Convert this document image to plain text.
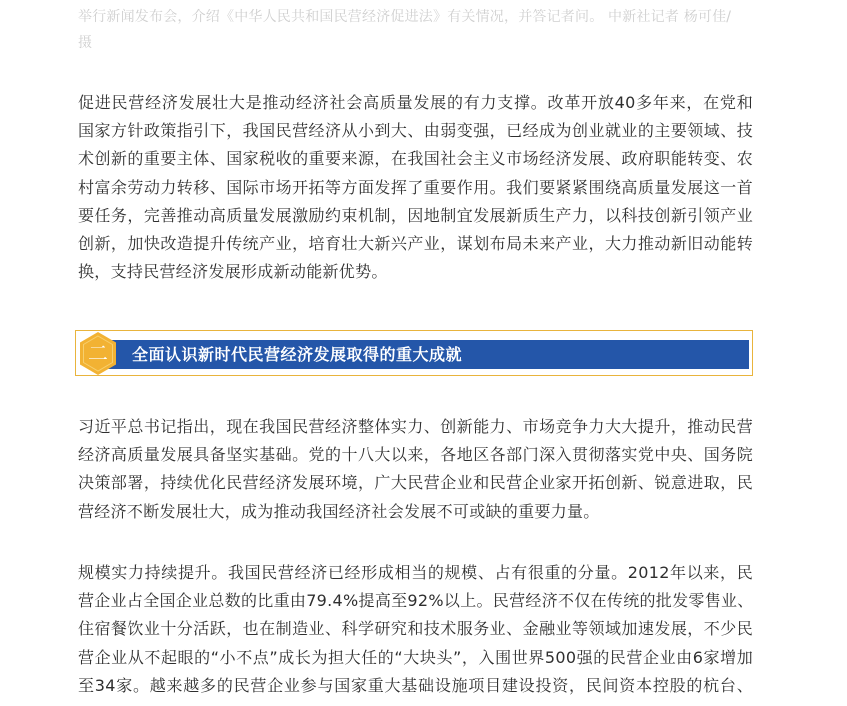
举行新闻发布会，介绍《中华人民共和国民营经济促进法》有关情况，并答记者问。 中新社记者 杨可佳/
摄
促进民营经济发展壮大是推动经济社会高质量发展的有力支撑。改革开放40多年来，在党和
国家方针政策指引下，我国民营经济从小到大、由弱变强，已经成为创业就业的主要领域、技
术创新的重要主体、国家税收的重要来源，在我国社会主义市场经济发展、政府职能转变、农
村富余劳动力转移、国际市场开拓等方面发挥了重要作用。我们要紧紧围绕高质量发展这一首
要任务，完善推动高质量发展激励约束机制，因地制宜发展新质生产力，以科技创新引领产业
创新，加快改造提升传统产业，培育壮大新兴产业，谋划布局未来产业，大力推动新旧动能转
换，支持民营经济发展形成新动能新优势。
全面认识新时代民营经济发展取得的重大成就
二
习近平总书记指出，现在我国民营经济整体实力、创新能力、市场竞争力大大提升，推动民营
经济高质量发展具备坚实基础。党的十八大以来，各地区各部门深入贯彻落实党中央、国务院
决策部署，持续优化民营经济发展环境，广大民营企业和民营企业家开拓创新、锐意进取，民
营经济不断发展壮大，成为推动我国经济社会发展不可或缺的重要力量。
规模实力持续提升。我国民营经济已经形成相当的规模、占有很重的分量。2012年以来，民
营企业占全国企业总数的比重由79.4%提高至92%以上。民营经济不仅在传统的批发零售业、
住宿餐饮业十分活跃，也在制造业、科学研究和技术服务业、金融业等领域加速发展，不少民
营企业从不起眼的“小不点”成长为担大任的“大块头”，入围世界500强的民营企业由6家增加
至34家。越来越多的民营企业参与国家重大基础设施项目建设投资，民间资本控股的杭台、
